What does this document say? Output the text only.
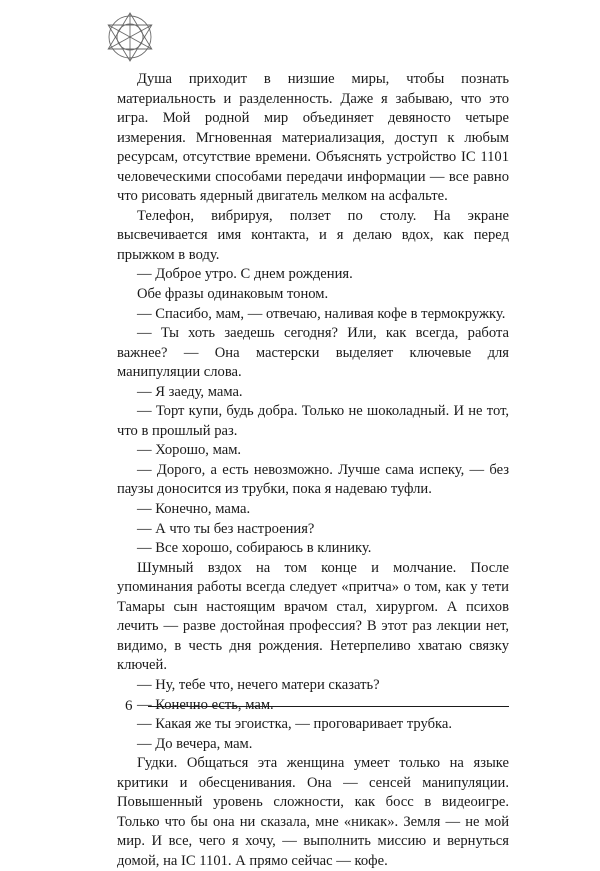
Душа приходит в низшие миры, чтобы познать материальность и разделенность. Даже я забываю, что это игра. Мой родной мир объединяет девяносто четыре измерения. Мгновенная материализация, доступ к любым ресурсам, отсутствие времени. Объяснять устройство IC 1101 человеческими способами передачи информации — все равно что рисовать ядерный двигатель мелком на асфальте.

Телефон, вибрируя, ползет по столу. На экране высвечивается имя контакта, и я делаю вдох, как перед прыжком в воду.

— Доброе утро. С днем рождения.

Обе фразы одинаковым тоном.

— Спасибо, мам, — отвечаю, наливая кофе в термокружку.

— Ты хоть заедешь сегодня? Или, как всегда, работа важнее? — Она мастерски выделяет ключевые для манипуляции слова.

— Я заеду, мама.

— Торт купи, будь добра. Только не шоколадный. И не тот, что в прошлый раз.

— Хорошо, мам.

— Дорого, а есть невозможно. Лучше сама испеку, — без паузы доносится из трубки, пока я надеваю туфли.

— Конечно, мама.

— А что ты без настроения?

— Все хорошо, собираюсь в клинику.

Шумный вздох на том конце и молчание. После упоминания работы всегда следует «притча» о том, как у тети Тамары сын настоящим врачом стал, хирургом. А психов лечить — разве достойная профессия? В этот раз лекции нет, видимо, в честь дня рождения. Нетерпеливо хватаю связку ключей.

— Ну, тебе что, нечего матери сказать?

— Конечно есть, мам.

— Какая же ты эгоистка, — проговаривает трубка.

— До вечера, мам.

Гудки. Общаться эта женщина умеет только на языке критики и обесценивания. Она — сенсей манипуляции. Повышенный уровень сложности, как босс в видеоигре. Только что бы она ни сказала, мне «никак». Земля — не мой мир. И все, чего я хочу, — выполнить миссию и вернуться домой, на IC 1101. А прямо сейчас — кофе.

6
